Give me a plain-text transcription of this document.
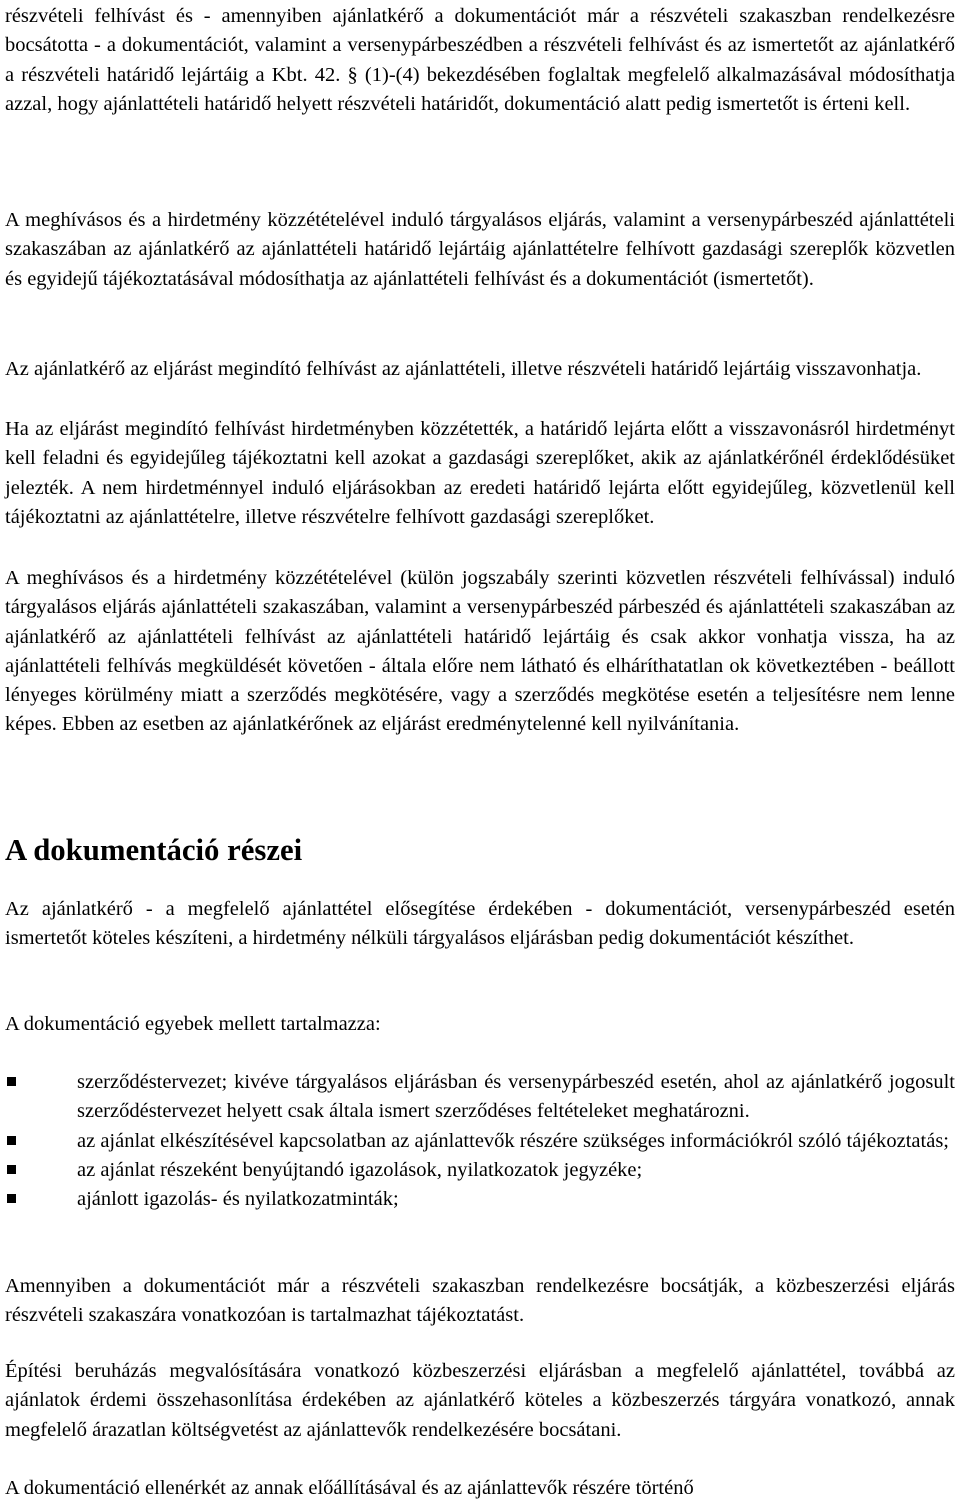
részvételi felhívást és - amennyiben ajánlatkérő a dokumentációt már a részvételi szakaszban rendelkezésre bocsátotta - a dokumentációt, valamint a versenypárbeszédben a részvételi felhívást és az ismertetőt az ajánlatkérő a részvételi határidő lejártáig a Kbt. 42. § (1)-(4) bekezdésében foglaltak megfelelő alkalmazásával módosíthatja azzal, hogy ajánlattételi határidő helyett részvételi határidőt, dokumentáció alatt pedig ismertetőt is érteni kell.

A meghívásos és a hirdetmény közzétételével induló tárgyalásos eljárás, valamint a versenypárbeszéd ajánlattételi szakaszában az ajánlatkérő az ajánlattételi határidő lejártáig ajánlattételre felhívott gazdasági szereplők közvetlen és egyidejű tájékoztatásával módosíthatja az ajánlattételi felhívást és a dokumentációt (ismertetőt).

Az ajánlatkérő az eljárást megindító felhívást az ajánlattételi, illetve részvételi határidő lejártáig visszavonhatja.

Ha az eljárást megindító felhívást hirdetményben közzétették, a határidő lejárta előtt a visszavonásról hirdetményt kell feladni és egyidejűleg tájékoztatni kell azokat a gazdasági szereplőket, akik az ajánlatkérőnél érdeklődésüket jelezték. A nem hirdetménnyel induló eljárásokban az eredeti határidő lejárta előtt egyidejűleg, közvetlenül kell tájékoztatni az ajánlattételre, illetve részvételre felhívott gazdasági szereplőket.

A meghívásos és a hirdetmény közzétételével (külön jogszabály szerinti közvetlen részvételi felhívással) induló tárgyalásos eljárás ajánlattételi szakaszában, valamint a versenypárbeszéd párbeszéd és ajánlattételi szakaszában az ajánlatkérő az ajánlattételi felhívást az ajánlattételi határidő lejártáig és csak akkor vonhatja vissza, ha az ajánlattételi felhívás megküldését követően - általa előre nem látható és elháríthatatlan ok következtében - beállott lényeges körülmény miatt a szerződés megkötésére, vagy a szerződés megkötése esetén a teljesítésre nem lenne képes. Ebben az esetben az ajánlatkérőnek az eljárást eredménytelenné kell nyilvánítania.

A dokumentáció részei

Az ajánlatkérő - a megfelelő ajánlattétel elősegítése érdekében - dokumentációt, versenypárbeszéd esetén ismertetőt köteles készíteni, a hirdetmény nélküli tárgyalásos eljárásban pedig dokumentációt készíthet.

A dokumentáció egyebek mellett tartalmazza:

szerződéstervezet; kivéve tárgyalásos eljárásban és versenypárbeszéd esetén, ahol az ajánlatkérő jogosult szerződéstervezet helyett csak általa ismert szerződéses feltételeket meghatározni.
az ajánlat elkészítésével kapcsolatban az ajánlattevők részére szükséges információkról szóló tájékoztatás;
az ajánlat részeként benyújtandó igazolások, nyilatkozatok jegyzéke;
ajánlott igazolás- és nyilatkozatminták;

Amennyiben a dokumentációt már a részvételi szakaszban rendelkezésre bocsátják, a közbeszerzési eljárás részvételi szakaszára vonatkozóan is tartalmazhat tájékoztatást.

Építési beruházás megvalósítására vonatkozó közbeszerzési eljárásban a megfelelő ajánlattétel, továbbá az ajánlatok érdemi összehasonlítása érdekében az ajánlatkérő köteles a közbeszerzés tárgyára vonatkozó, annak megfelelő árazatlan költségvetést az ajánlattevők rendelkezésére bocsátani.

A dokumentáció ellenérkét az annak előállításával és az ajánlattevők részére történő
